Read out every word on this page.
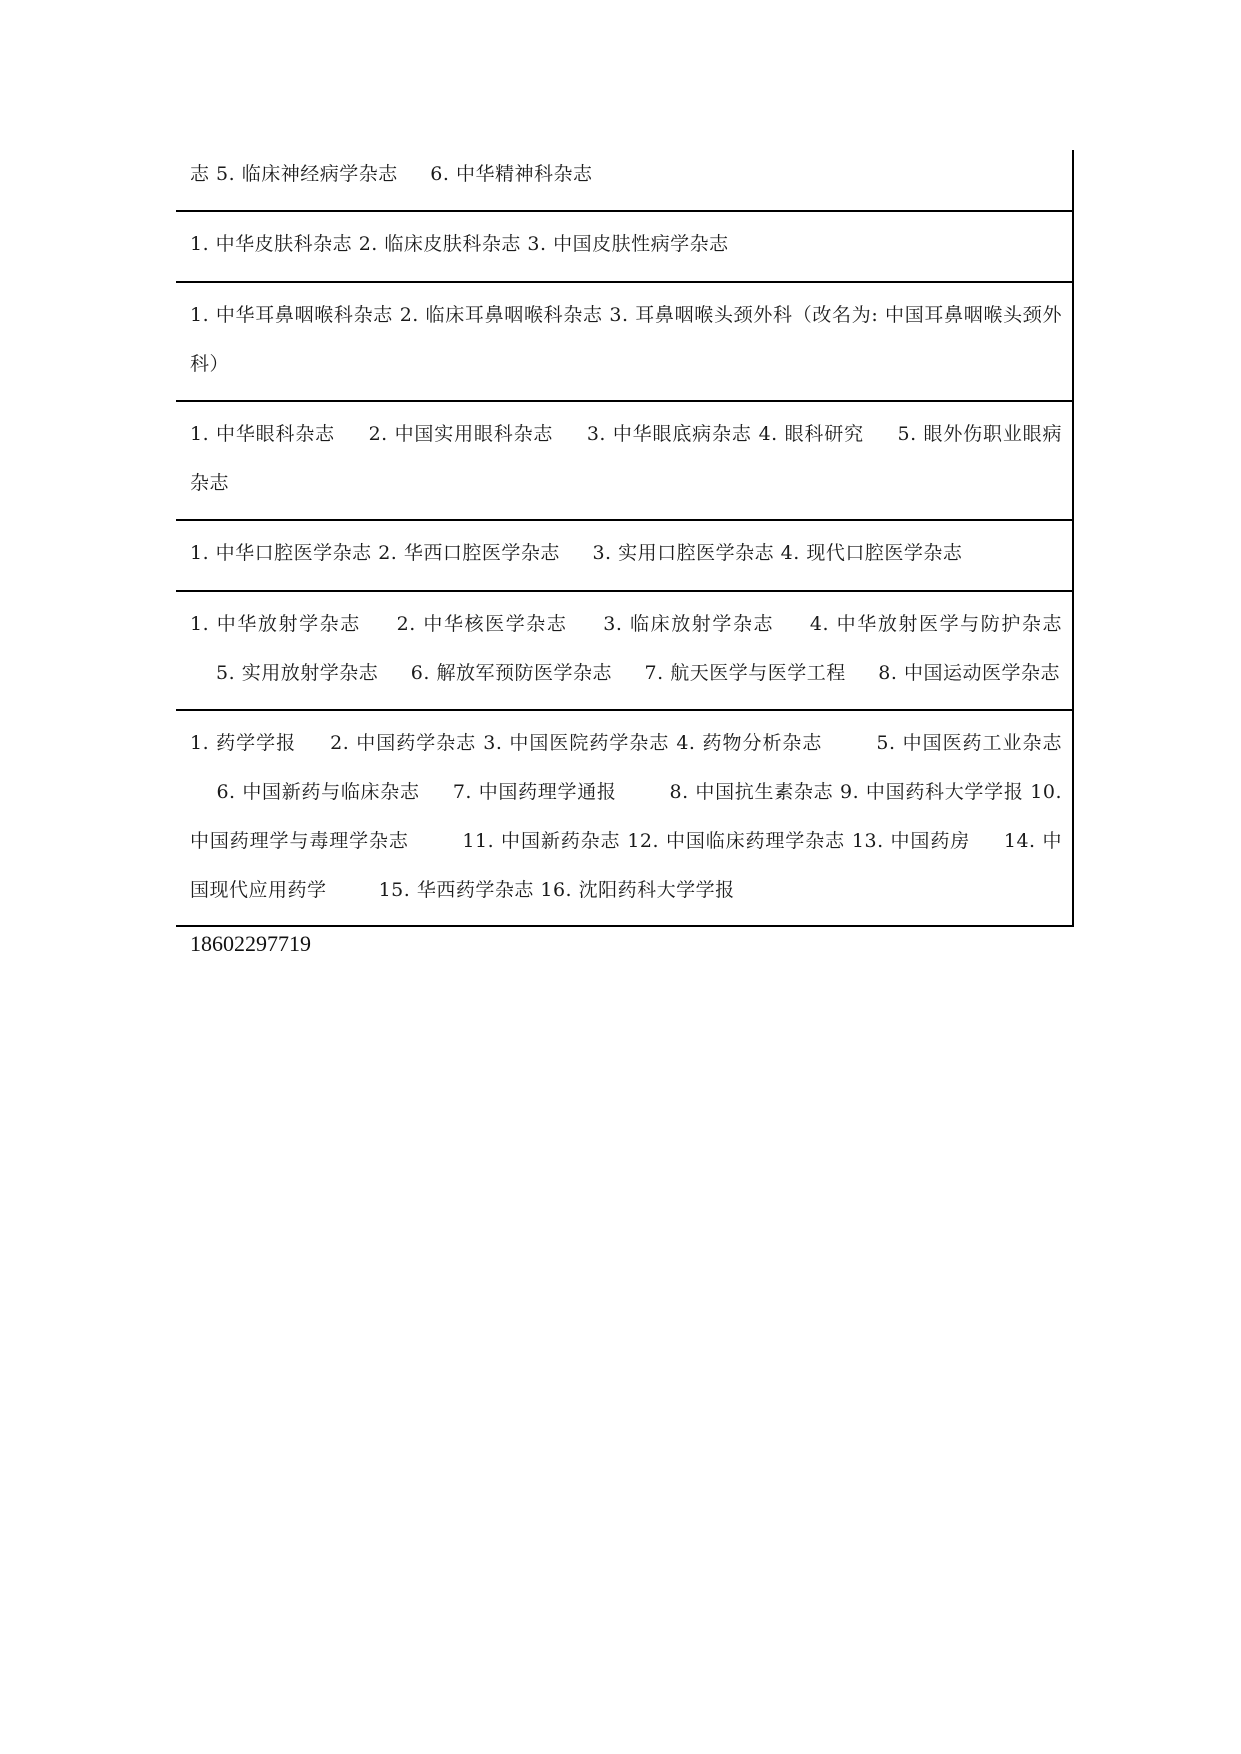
志 5. 临床神经病学杂志 　 6. 中华精神科杂志
1. 中华皮肤科杂志 2. 临床皮肤科杂志 3. 中国皮肤性病学杂志
1. 中华耳鼻咽喉科杂志 2. 临床耳鼻咽喉科杂志 3. 耳鼻咽喉头颈外科（改名为: 中国耳鼻咽喉头颈外科）
1. 中华眼科杂志 　 2. 中国实用眼科杂志 　 3. 中华眼底病杂志 4. 眼科研究 　 5. 眼外伤职业眼病杂志
1. 中华口腔医学杂志 2. 华西口腔医学杂志 　 3. 实用口腔医学杂志 4. 现代口腔医学杂志
1. 中华放射学杂志 　 2. 中华核医学杂志 　 3. 临床放射学杂志 　 4. 中华放射医学与防护杂志 　 5. 实用放射学杂志 　 6. 解放军预防医学杂志 　 7. 航天医学与医学工程 　 8. 中国运动医学杂志
1. 药学学报 　 2. 中国药学杂志 3. 中国医院药学杂志 4. 药物分析杂志 　　 5. 中国医药工业杂志 　 6. 中国新药与临床杂志 　 7. 中国药理学通报 　　 8. 中国抗生素杂志 9. 中国药科大学学报 10. 中国药理学与毒理学杂志 　　 11. 中国新药杂志 12. 中国临床药理学杂志 13. 中国药房 　 14. 中国现代应用药学 　　 15. 华西药学杂志 16. 沈阳药科大学学报
18602297719
